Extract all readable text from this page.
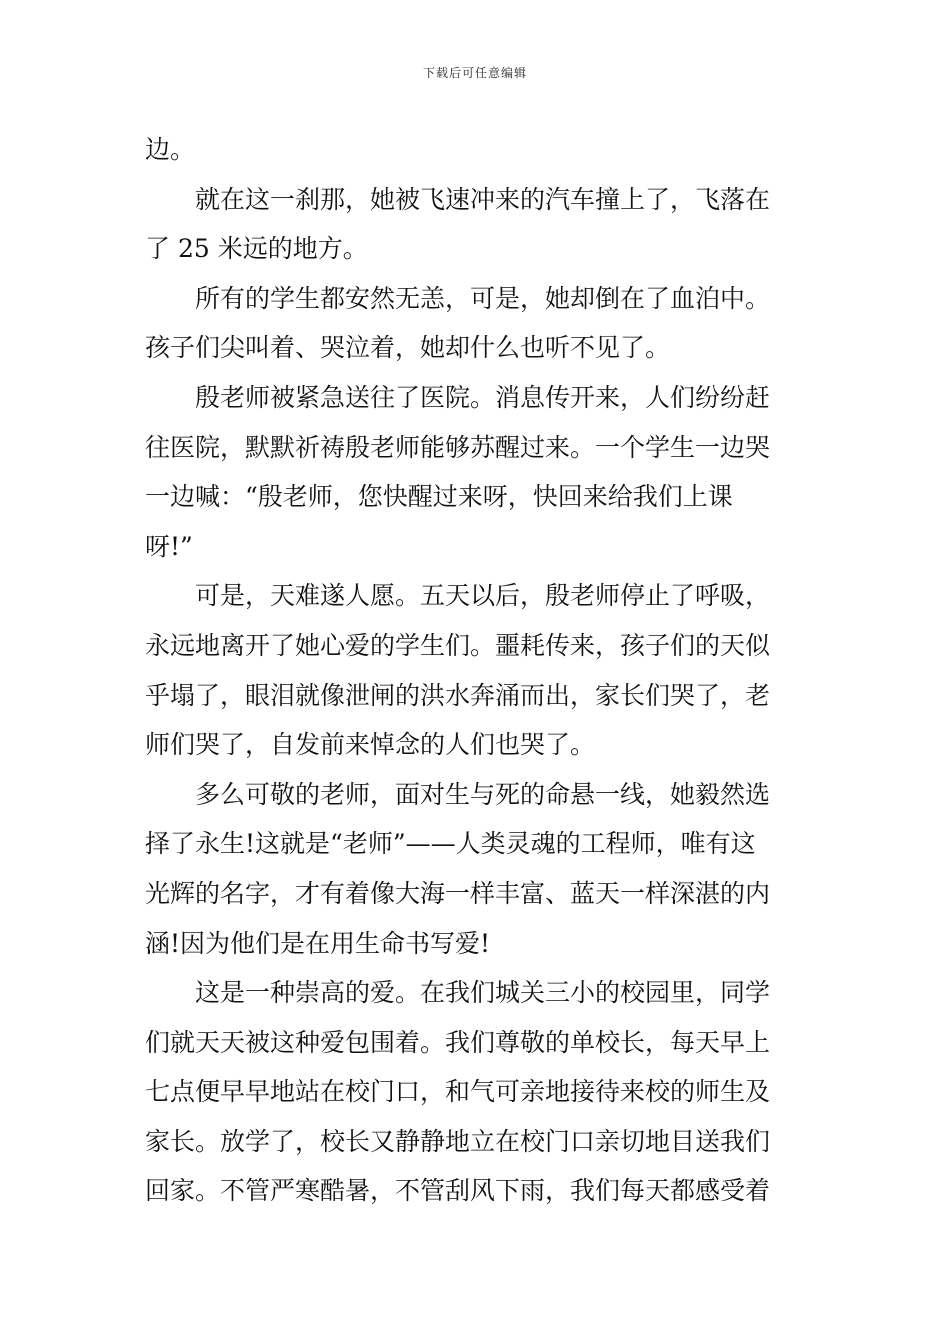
下载后可任意编辑
边。
　　就在这一刹那，她被飞速冲来的汽车撞上了，飞落在
了 25 米远的地方。
　　所有的学生都安然无恙，可是，她却倒在了血泊中。
孩子们尖叫着、哭泣着，她却什么也听不见了。
　　殷老师被紧急送往了医院。消息传开来，人们纷纷赶
往医院，默默祈祷殷老师能够苏醒过来。一个学生一边哭
一边喊：“殷老师，您快醒过来呀，快回来给我们上课
呀!”
　　可是，天难遂人愿。五天以后，殷老师停止了呼吸，
永远地离开了她心爱的学生们。噩耗传来，孩子们的天似
乎塌了，眼泪就像泄闸的洪水奔涌而出，家长们哭了，老
师们哭了，自发前来悼念的人们也哭了。
　　多么可敬的老师，面对生与死的命悬一线，她毅然选
择了永生!这就是“老师”——人类灵魂的工程师，唯有这
光辉的名字，才有着像大海一样丰富、蓝天一样深湛的内
涵!因为他们是在用生命书写爱!
　　这是一种崇高的爱。在我们城关三小的校园里，同学
们就天天被这种爱包围着。我们尊敬的单校长，每天早上
七点便早早地站在校门口，和气可亲地接待来校的师生及
家长。放学了，校长又静静地立在校门口亲切地目送我们
回家。不管严寒酷暑，不管刮风下雨，我们每天都感受着
